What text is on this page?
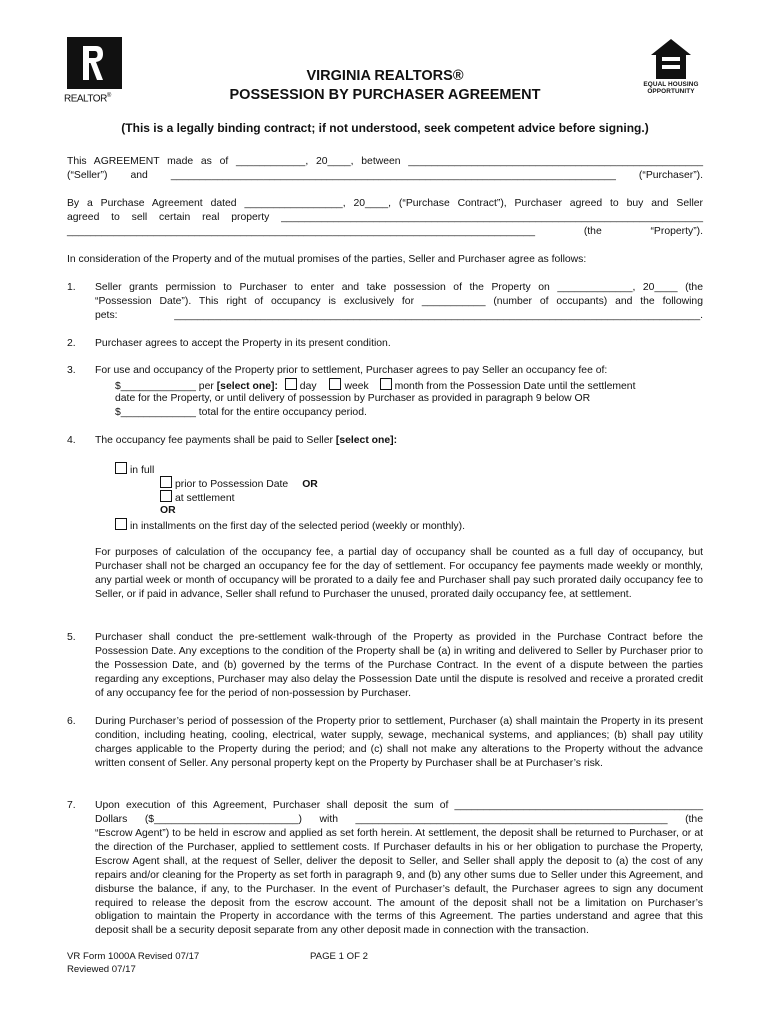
REALTOR®
VIRGINIA REALTORS®
POSSESSION BY PURCHASER AGREEMENT
EQUAL HOUSING
OPPORTUNITY
(This is a legally binding contract; if not understood, seek competent advice before signing.)
This AGREEMENT made as of ____________, 20____, between ___________________________________________________
(“Seller”) and _____________________________________________________________________________ (“Purchaser”).
By a Purchase Agreement dated _________________, 20____, (“Purchase Contract”), Purchaser agreed to buy and Seller
agreed to sell certain real property _________________________________________________________________________
_________________________________________________________________________________ (the “Property”).
In consideration of the Property and of the mutual promises of the parties, Seller and Purchaser agree as follows:
1.	Seller grants permission to Purchaser to enter and take possession of the Property on _____________, 20____ (the
“Possession Date”). This right of occupancy is exclusively for ___________ (number of occupants) and the following
pets: ___________________________________________________________________________________________.
2.	Purchaser agrees to accept the Property in its present condition.
3.	For use and occupancy of the Property prior to settlement, Purchaser agrees to pay Seller an occupancy fee of:
$_____________ per [select one]: day	week month from the Possession Date until the settlement
date for the Property, or until delivery of possession by Purchaser as provided in paragraph 9 below OR
$_____________ total for the entire occupancy period.
4.	The occupancy fee payments shall be paid to Seller [select one]:
in full
prior to Possession Date OR
at settlement
OR
in installments on the first day of the selected period (weekly or monthly).
For purposes of calculation of the occupancy fee, a partial day of occupancy shall be counted as a full day of occupancy, but Purchaser shall not be charged an occupancy fee for the day of settlement. For occupancy fee payments made weekly or monthly, any partial week or month of occupancy will be prorated to a daily fee and Purchaser shall pay such prorated daily occupancy fee to Seller, or if paid in advance, Seller shall refund to Purchaser the unused, prorated daily occupancy fee, at settlement.
5.	Purchaser shall conduct the pre-settlement walk-through of the Property as provided in the Purchase Contract before the Possession Date. Any exceptions to the condition of the Property shall be (a) in writing and delivered to Seller by Purchaser prior to the Possession Date, and (b) governed by the terms of the Purchase Contract. In the event of a dispute between the parties regarding any exceptions, Purchaser may also delay the Possession Date until the dispute is resolved and receive a prorated credit of any occupancy fee for the period of non-possession by Purchaser.
6.	During Purchaser’s period of possession of the Property prior to settlement, Purchaser (a) shall maintain the Property in its present condition, including heating, cooling, electrical, water supply, sewage, mechanical systems, and appliances; (b) shall pay utility charges applicable to the Property during the period; and (c) shall not make any alterations to the Property without the advance written consent of Seller. Any personal property kept on the Property by Purchaser shall be at Purchaser’s risk.
7.	Upon execution of this Agreement, Purchaser shall deposit the sum of ___________________________________________
Dollars ($_________________________) with ______________________________________________________ (the
“Escrow Agent”) to be held in escrow and applied as set forth herein. At settlement, the deposit shall be returned to Purchaser, or at the direction of the Purchaser, applied to settlement costs. If Purchaser defaults in his or her obligation to purchase the Property, Escrow Agent shall, at the request of Seller, deliver the deposit to Seller, and Seller shall apply the deposit to (a) the cost of any repairs and/or cleaning for the Property as set forth in paragraph 9, and (b) any other sums due to Seller under this Agreement, and disburse the balance, if any, to the Purchaser. In the event of Purchaser’s default, the Purchaser agrees to sign any document required to release the deposit from the escrow account. The amount of the deposit shall not be a limitation on Purchaser’s obligation to maintain the Property in accordance with the terms of this Agreement. The parties understand and agree that this deposit shall be a security deposit separate from any other deposit made in connection with the transaction.
VR Form 1000A Revised 07/17	PAGE 1 OF 2
Reviewed 07/17
